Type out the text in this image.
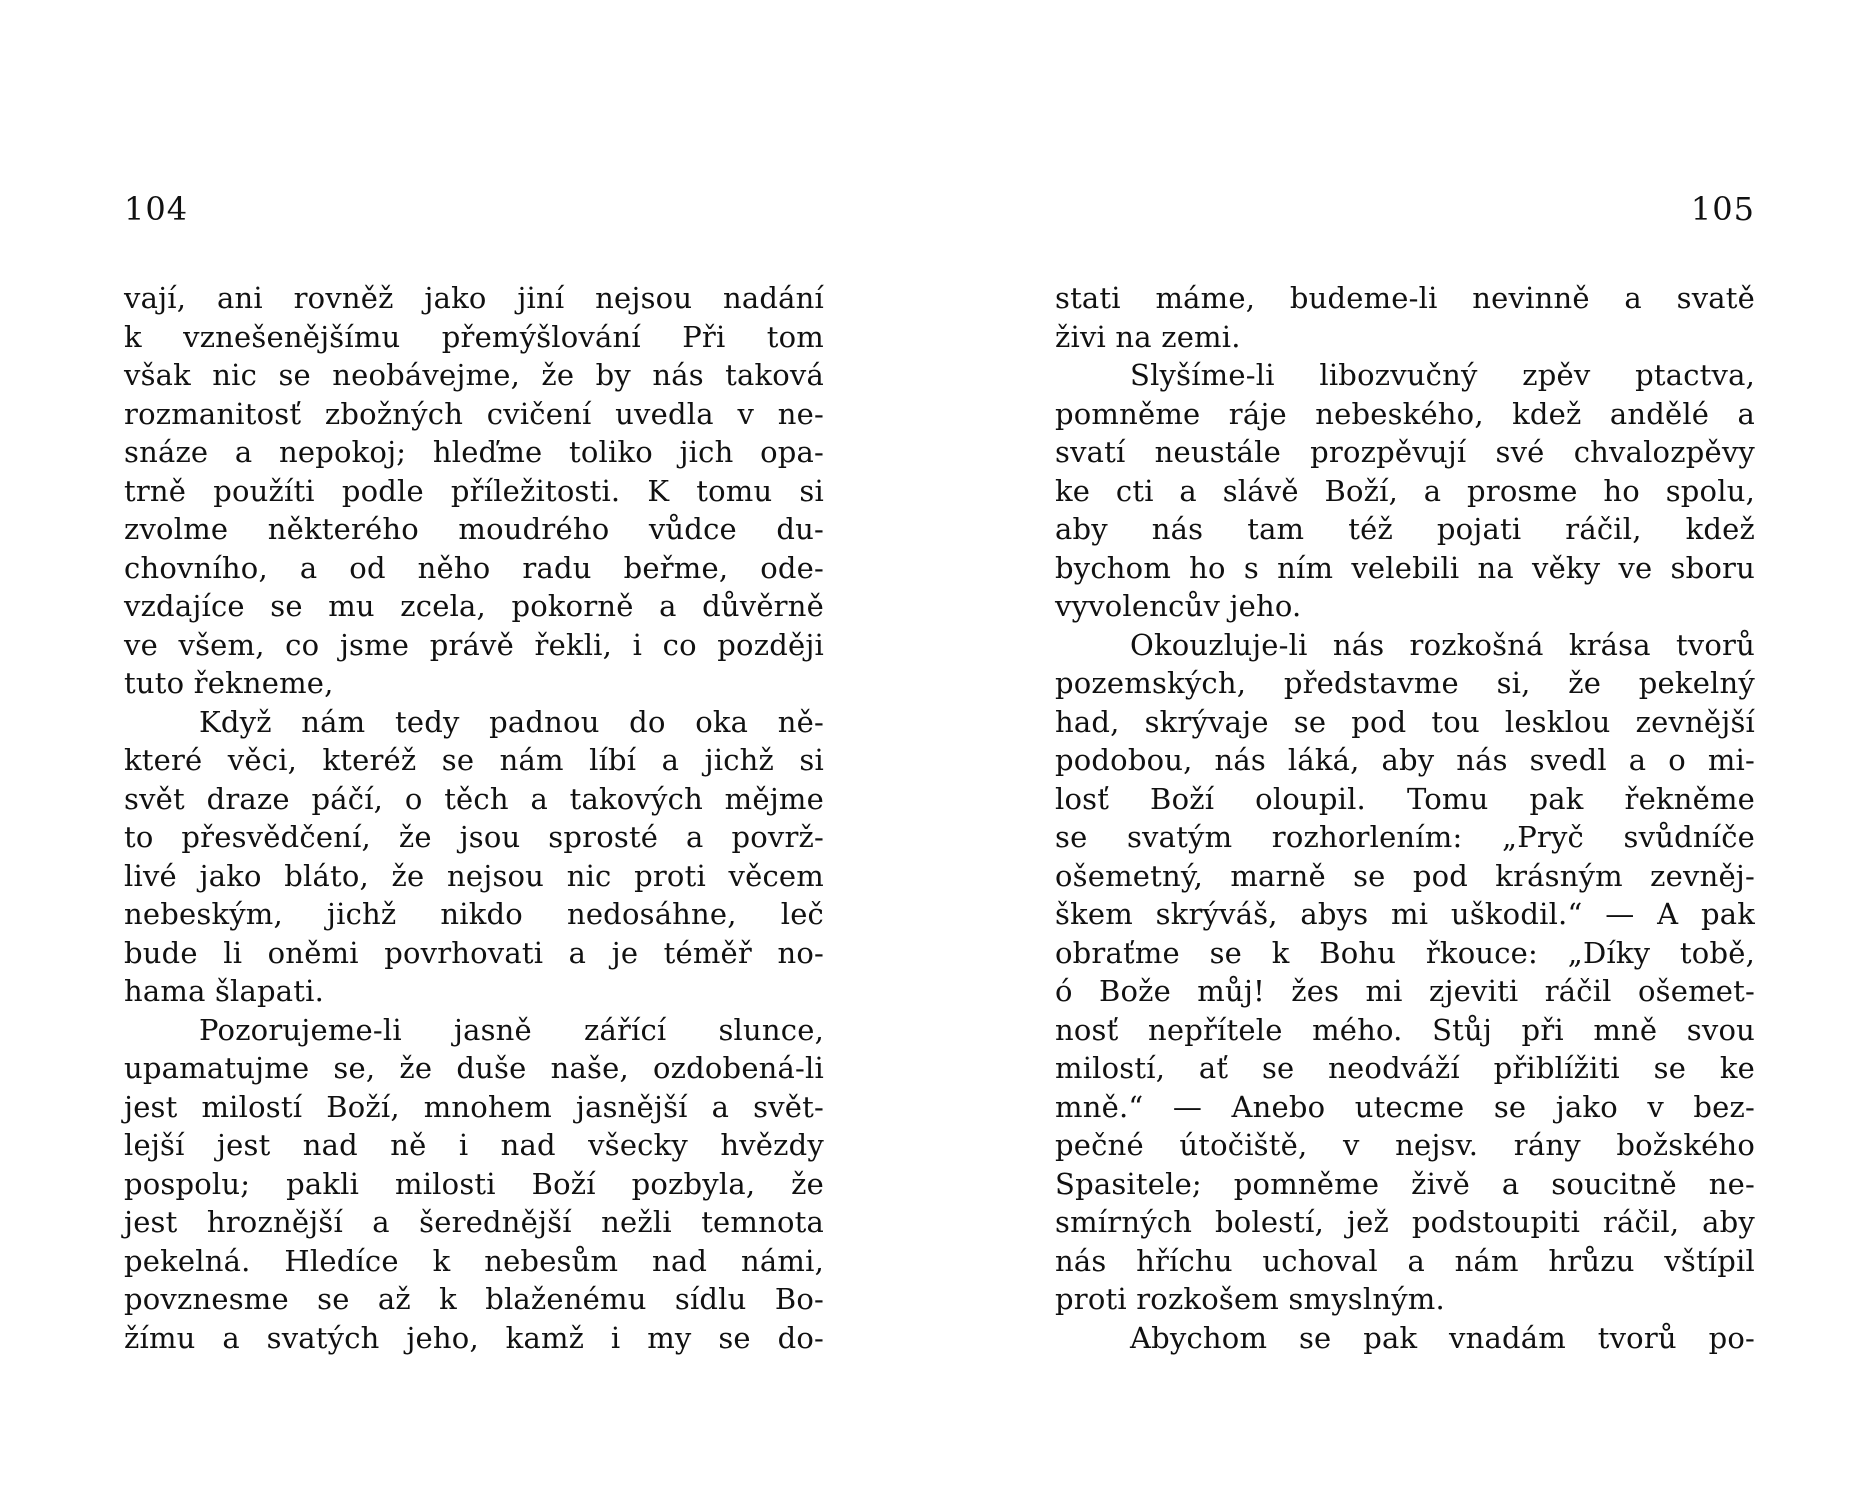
104
vají, ani rovněž jako jiní nejsou nadání
k vznešenějšímu přemýšlování Při tom
však nic se neobávejme, že by nás taková
rozmanitosť zbožných cvičení uvedla v ne-
snáze a nepokoj; hleďme toliko jich opa-
trně použíti podle příležitosti. K tomu si
zvolme některého moudrého vůdce du-
chovního, a od něho radu beřme, ode-
vzdajíce se mu zcela, pokorně a důvěrně
ve všem, co jsme právě řekli, i co později
tuto řekneme,
Když nám tedy padnou do oka ně-
které věci, kteréž se nám líbí a jichž si
svět draze páčí, o těch a takových mějme
to přesvědčení, že jsou sprosté a povrž-
livé jako bláto, že nejsou nic proti věcem
nebeským, jichž nikdo nedosáhne, leč
bude li oněmi povrhovati a je téměř no-
hama šlapati.
Pozorujeme-li jasně zářící slunce,
upamatujme se, že duše naše, ozdobená-li
jest milostí Boží, mnohem jasnější a svět-
lejší jest nad ně i nad všecky hvězdy
pospolu; pakli milosti Boží pozbyla, že
jest hroznější a šerednější nežli temnota
pekelná. Hledíce k nebesům nad námi,
povznesme se až k blaženému sídlu Bo-
žímu a svatých jeho, kamž i my se do-
105
stati máme, budeme-li nevinně a svatě
živi na zemi.
Slyšíme-li libozvučný zpěv ptactva,
pomněme ráje nebeského, kdež andělé a
svatí neustále prozpěvují své chvalozpěvy
ke cti a slávě Boží, a prosme ho spolu,
aby nás tam též pojati ráčil, kdež
bychom ho s ním velebili na věky ve sboru
vyvolencův jeho.
Okouzluje-li nás rozkošná krása tvorů
pozemských, představme si, že pekelný
had, skrývaje se pod tou lesklou zevnější
podobou, nás láká, aby nás svedl a o mi-
losť Boží oloupil. Tomu pak řekněme
se svatým rozhorlením: „Pryč svůdníče
ošemetný, marně se pod krásným zevněj-
škem skrýváš, abys mi uškodil.“ — A pak
obraťme se k Bohu řkouce: „Díky tobě,
ó Bože můj! žes mi zjeviti ráčil ošemet-
nosť nepřítele mého. Stůj při mně svou
milostí, ať se neodváží přiblížiti se ke
mně.“ — Anebo utecme se jako v bez-
pečné útočiště, v nejsv. rány božského
Spasitele; pomněme živě a soucitně ne-
smírných bolestí, jež podstoupiti ráčil, aby
nás hříchu uchoval a nám hrůzu vštípil
proti rozkošem smyslným.
Abychom se pak vnadám tvorů po-
